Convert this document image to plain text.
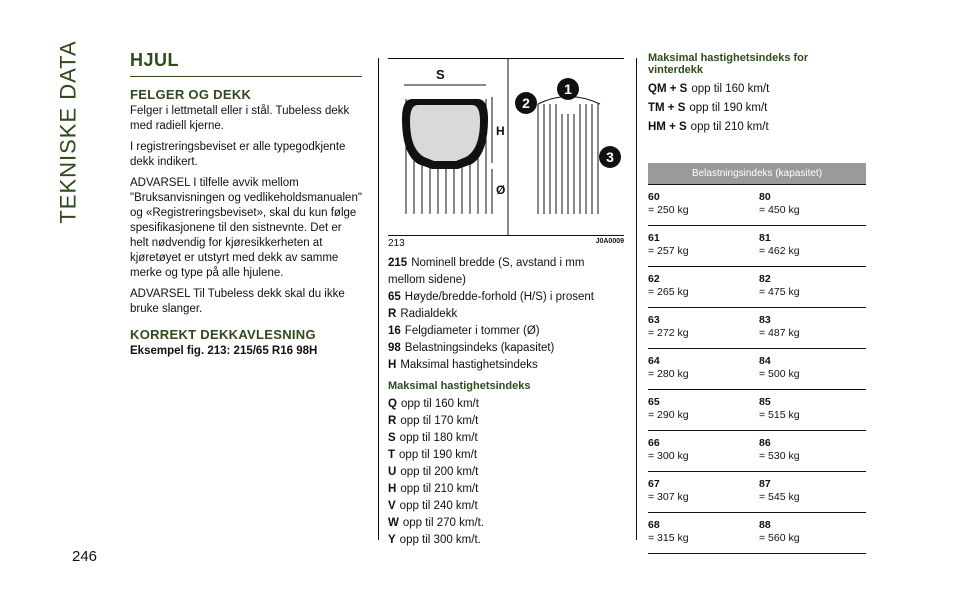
TEKNISKE DATA
246
HJUL
FELGER OG DEKK

Felger i lettmetall eller i stål. Tubeless dekk med radiell kjerne.

I registreringsbeviset er alle typegodkjente dekk indikert.

ADVARSEL I tilfelle avvik mellom "Bruksanvisningen og vedlikeholdsmanualen" og «Registreringsbeviset», skal du kun følge spesifikasjonene til den sistnevnte. Det er helt nødvendig for kjøresikkerheten at kjøretøyet er utstyrt med dekk av samme merke og type på alle hjulene.

ADVARSEL Til Tubeless dekk skal du ikke bruke slanger.

KORREKT DEKKAVLESNING

Eksempel fig. 213: 215/65 R16 98H

S
H
Ø
1
2
3
213	J0A0009
215 Nominell bredde (S, avstand i mm mellom sidene)
65 Høyde/bredde-forhold (H/S) i prosent
R Radialdekk
16 Felgdiameter i tommer (Ø)
98 Belastningsindeks (kapasitet)
H Maksimal hastighetsindeks
Maksimal hastighetsindeks
Q opp til 160 km/t
R opp til 170 km/t
S opp til 180 km/t
T opp til 190 km/t
U opp til 200 km/t
H opp til 210 km/t
V opp til 240 km/t
W opp til 270 km/t.
Y opp til 300 km/t.
Maksimal hastighetsindeks for vinterdekk
QM + S opp til 160 km/t
TM + S opp til 190 km/t
HM + S opp til 210 km/t
Belastningsindeks (kapasitet)
60
= 250 kg
80
= 450 kg
61
= 257 kg
81
= 462 kg
62
= 265 kg
82
= 475 kg
63
= 272 kg
83
= 487 kg
64
= 280 kg
84
= 500 kg
65
= 290 kg
85
= 515 kg
66
= 300 kg
86
= 530 kg
67
= 307 kg
87
= 545 kg
68
= 315 kg
88
= 560 kg
